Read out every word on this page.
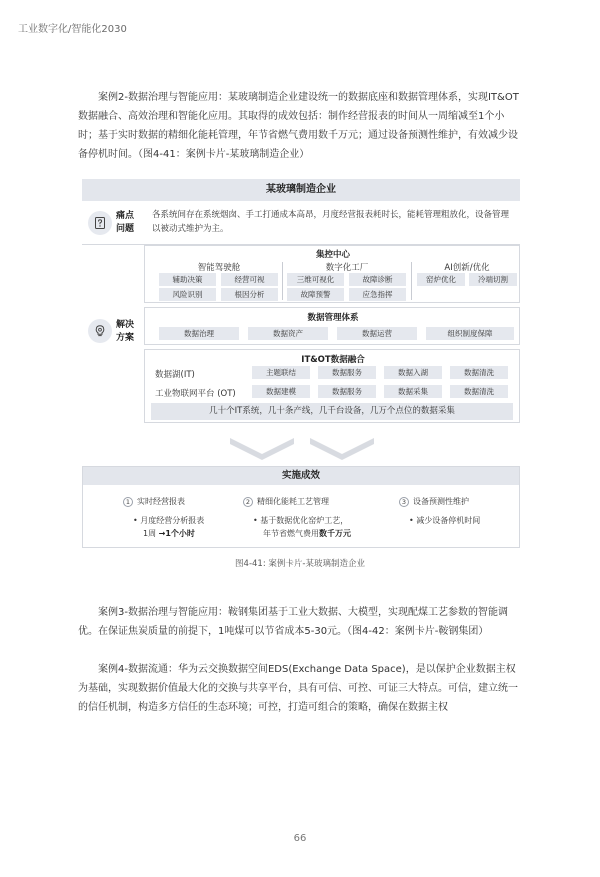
工业数字化/智能化2030

案例2-数据治理与智能应用：某玻璃制造企业建设统一的数据底座和数据管理体系，实现IT&OT数据融合、高效治理和智能化应用。其取得的成效包括：制作经营报表的时间从一周缩减至1个小时；基于实时数据的精细化能耗管理，年节省燃气费用数千万元；通过设备预测性维护，有效减少设备停机时间。（图4-41：案例卡片-某玻璃制造企业）

某玻璃制造企业
痛点
问题
各系统间存在系统烟囱、手工打通成本高昂，月度经营报表耗时长，能耗管理粗放化，设备管理以被动式维护为主。
解决
方案
集控中心
智能驾驶舱
辅助决策	经营可视
风险识别	根因分析
数字化工厂
三维可视化	故障诊断
故障预警	应急指挥
AI创新/优化
窑炉优化	冷端切割
数据管理体系
数据治理	数据资产	数据运营	组织制度保障
IT&OT数据融合
数据湖(IT)	主题联结	数据服务	数据入湖	数据清洗
工业物联网平台 (OT)	数据建模	数据服务	数据采集	数据清洗
几十个IT系统，几十条产线，几千台设备，几万个点位的数据采集
实施成效
1 实时经营报表
• 月度经营分析报表
1周 →1个小时
2 精细化能耗工艺管理
• 基于数据优化窑炉工艺，
年节省燃气费用数千万元
3 设备预测性维护
• 减少设备停机时间
图4-41: 案例卡片-某玻璃制造企业

案例3-数据治理与智能应用：鞍钢集团基于工业大数据、大模型，实现配煤工艺参数的智能调优。在保证焦炭质量的前提下，1吨煤可以节省成本5-30元。（图4-42：案例卡片-鞍钢集团）

案例4-数据流通：华为云交换数据空间EDS(Exchange Data Space)，是以保护企业数据主权为基础，实现数据价值最大化的交换与共享平台，具有可信、可控、可证三大特点。可信，建立统一的信任机制，构造多方信任的生态环境；可控，打造可组合的策略，确保在数据主权

66
